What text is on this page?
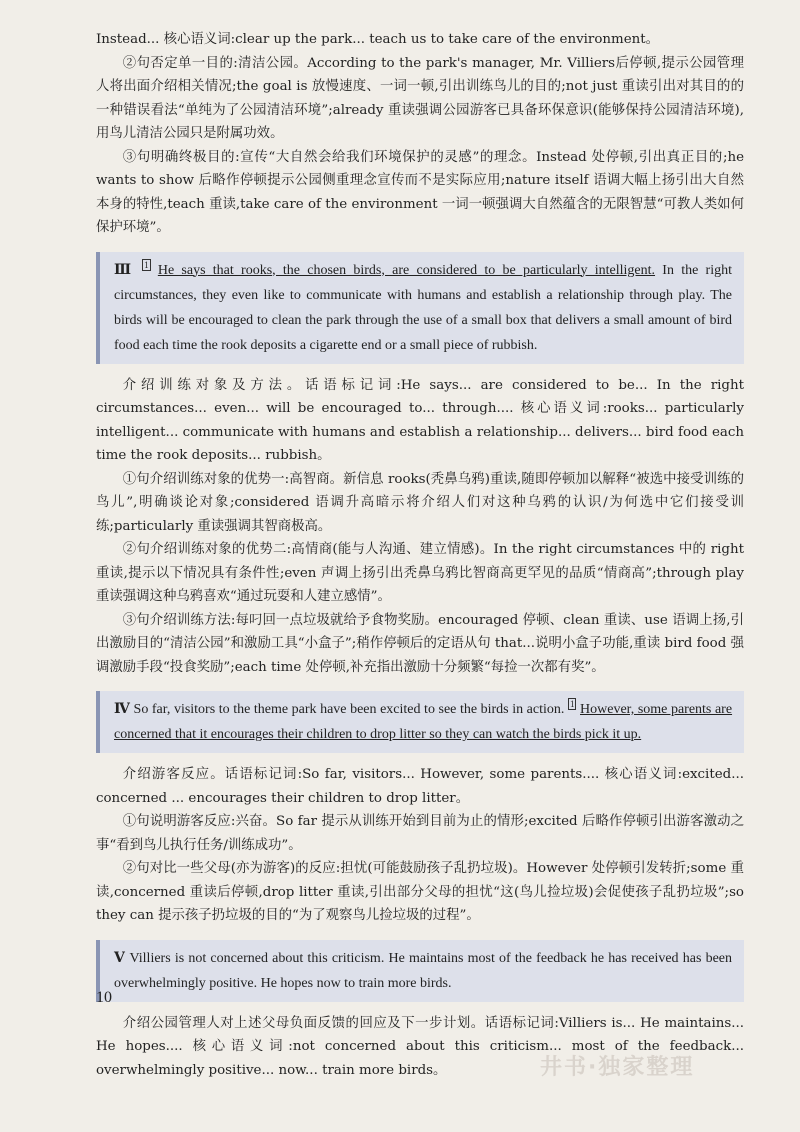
Instead... 核心语义词:clear up the park... teach us to take care of the environment。

②句否定单一目的:清洁公园。According to the park's manager, Mr. Villiers后停顿,提示公园管理人将出面介绍相关情况;the goal is 放慢速度、一词一顿,引出训练鸟儿的目的;not just 重读引出对其目的的一种错误看法“单纯为了公园清洁环境”;already 重读强调公园游客已具备环保意识(能够保持公园清洁环境),用鸟儿清洁公园只是附属功效。

③句明确终极目的:宣传“大自然会给我们环境保护的灵感”的理念。Instead 处停顿,引出真正目的;he wants to show 后略作停顿提示公园侧重理念宣传而不是实际应用;nature itself 语调大幅上扬引出大自然本身的特性,teach 重读,take care of the environment 一词一顿强调大自然蕴含的无限智慧“可教人类如何保护环境”。

Ⅲ $^1$ He says that rooks, the chosen birds, are considered to be particularly intelligent. In the right circumstances, they even like to communicate with humans and establish a relationship through play. The birds will be encouraged to clean the park through the use of a small box that delivers a small amount of bird food each time the rook deposits a cigarette end or a small piece of rubbish.

介绍训练对象及方法。话语标记词:He says... are considered to be... In the right circumstances... even... will be encouraged to... through.... 核心语义词:rooks... particularly intelligent... communicate with humans and establish a relationship... delivers... bird food each time the rook deposits... rubbish。

①句介绍训练对象的优势一:高智商。新信息 rooks(秃鼻乌鸦)重读,随即停顿加以解释“被选中接受训练的鸟儿”,明确谈论对象;considered 语调升高暗示将介绍人们对这种乌鸦的认识/为何选中它们接受训练;particularly 重读强调其智商极高。

②句介绍训练对象的优势二:高情商(能与人沟通、建立情感)。In the right circumstances 中的 right 重读,提示以下情况具有条件性;even 声调上扬引出秃鼻乌鸦比智商高更罕见的品质“情商高”;through play 重读强调这种乌鸦喜欢“通过玩耍和人建立感情”。

③句介绍训练方法:每叼回一点垃圾就给予食物奖励。encouraged 停顿、clean 重读、use 语调上扬,引出激励目的“清洁公园”和激励工具“小盒子”;稍作停顿后的定语从句 that...说明小盒子功能,重读 bird food 强调激励手段“投食奖励”;each time 处停顿,补充指出激励十分频繁“每捡一次都有奖”。

Ⅳ So far, visitors to the theme park have been excited to see the birds in action. $^1$ However, some parents are concerned that it encourages their children to drop litter so they can watch the birds pick it up.

介绍游客反应。话语标记词:So far, visitors... However, some parents.... 核心语义词:excited... concerned ... encourages their children to drop litter。

①句说明游客反应:兴奋。So far 提示从训练开始到目前为止的情形;excited 后略作停顿引出游客激动之事“看到鸟儿执行任务/训练成功”。

②句对比一些父母(亦为游客)的反应:担忧(可能鼓励孩子乱扔垃圾)。However 处停顿引发转折;some 重读,concerned 重读后停顿,drop litter 重读,引出部分父母的担忧“这(鸟儿捡垃圾)会促使孩子乱扔垃圾”;so they can 提示孩子扔垃圾的目的“为了观察鸟儿捡垃圾的过程”。

Ⅴ Villiers is not concerned about this criticism. He maintains most of the feedback he has received has been overwhelmingly positive. He hopes now to train more birds.

介绍公园管理人对上述父母负面反馈的回应及下一步计划。话语标记词:Villiers is... He maintains... He hopes.... 核心语义词:not concerned about this criticism... most of the feedback... overwhelmingly positive... now... train more birds。

10
井书·独家整理
